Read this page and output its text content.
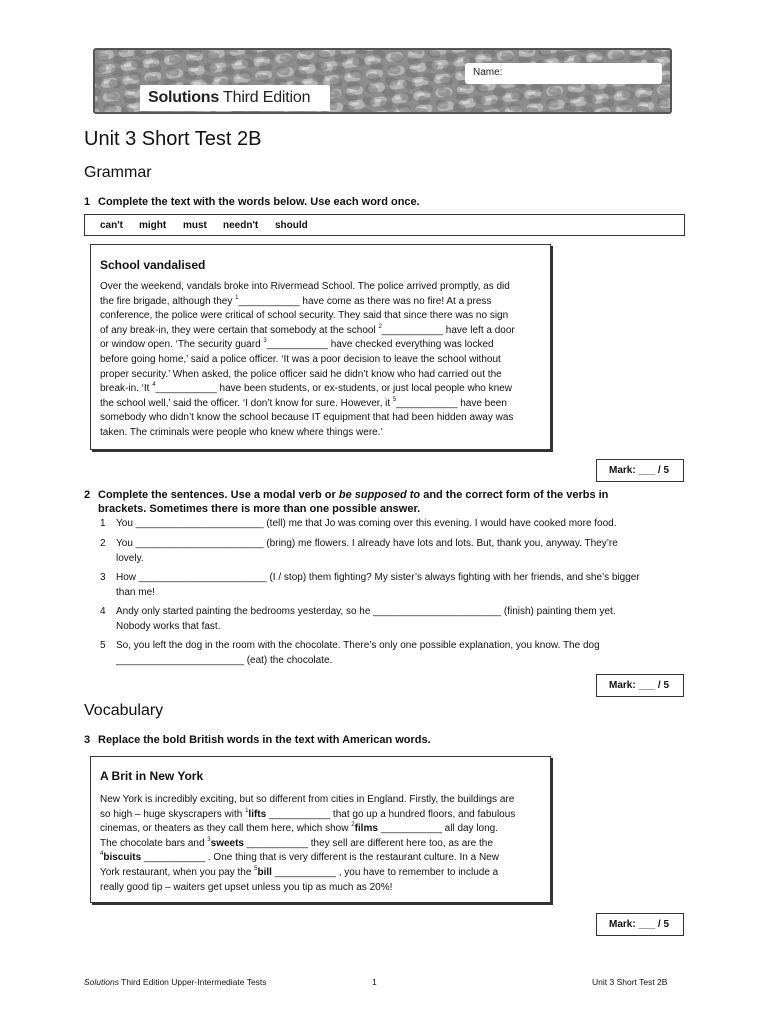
Name:
Solutions Third Edition
Unit 3 Short Test 2B
Grammar
1 Complete the text with the words below. Use each word once.
can't might must needn't should
School vandalised

Over the weekend, vandals broke into Rivermead School. The police arrived promptly, as did
the fire brigade, although they $^1$___________ have come as there was no fire! At a press
conference, the police were critical of school security. They said that since there was no sign
of any break-in, they were certain that somebody at the school $^2$___________ have left a door
or window open. ‘The security guard $^3$___________ have checked everything was locked
before going home,’ said a police officer. ‘It was a poor decision to leave the school without
proper security.’ When asked, the police officer said he didn’t know who had carried out the
break-in. ‘It $^4$___________ have been students, or ex-students, or just local people who knew
the school well,’ said the officer. ‘I don’t know for sure. However, it $^5$___________ have been
somebody who didn’t know the school because IT equipment that had been hidden away was
taken. The criminals were people who knew where things were.’

Mark: ___ / 5
2 Complete the sentences. Use a modal verb or be supposed to and the correct form of the verbs in
brackets. Sometimes there is more than one possible answer.
1 You _______________________ (tell) me that Jo was coming over this evening. I would have cooked more food.
2 You _______________________ (bring) me flowers. I already have lots and lots. But, thank you, anyway. They’re
lovely.
3 How _______________________ (I / stop) them fighting? My sister’s always fighting with her friends, and she’s bigger
than me!
4 Andy only started painting the bedrooms yesterday, so he _______________________ (finish) painting them yet.
Nobody works that fast.
5 So, you left the dog in the room with the chocolate. There’s only one possible explanation, you know. The dog
_______________________ (eat) the chocolate.
Mark: ___ / 5
Vocabulary
3 Replace the bold British words in the text with American words.
A Brit in New York

New York is incredibly exciting, but so different from cities in England. Firstly, the buildings are
so high – huge skyscrapers with $^1$lifts ___________ that go up a hundred floors, and fabulous
cinemas, or theaters as they call them here, which show $^2$films ___________ all day long.
The chocolate bars and $^3$sweets ___________ they sell are different here too, as are the
$^4$biscuits ___________ . One thing that is very different is the restaurant culture. In a New
York restaurant, when you pay the $^5$bill ___________ , you have to remember to include a
really good tip – waiters get upset unless you tip as much as 20%!

Mark: ___ / 5
Solutions Third Edition Upper-Intermediate Tests	1	Unit 3 Short Test 2B
